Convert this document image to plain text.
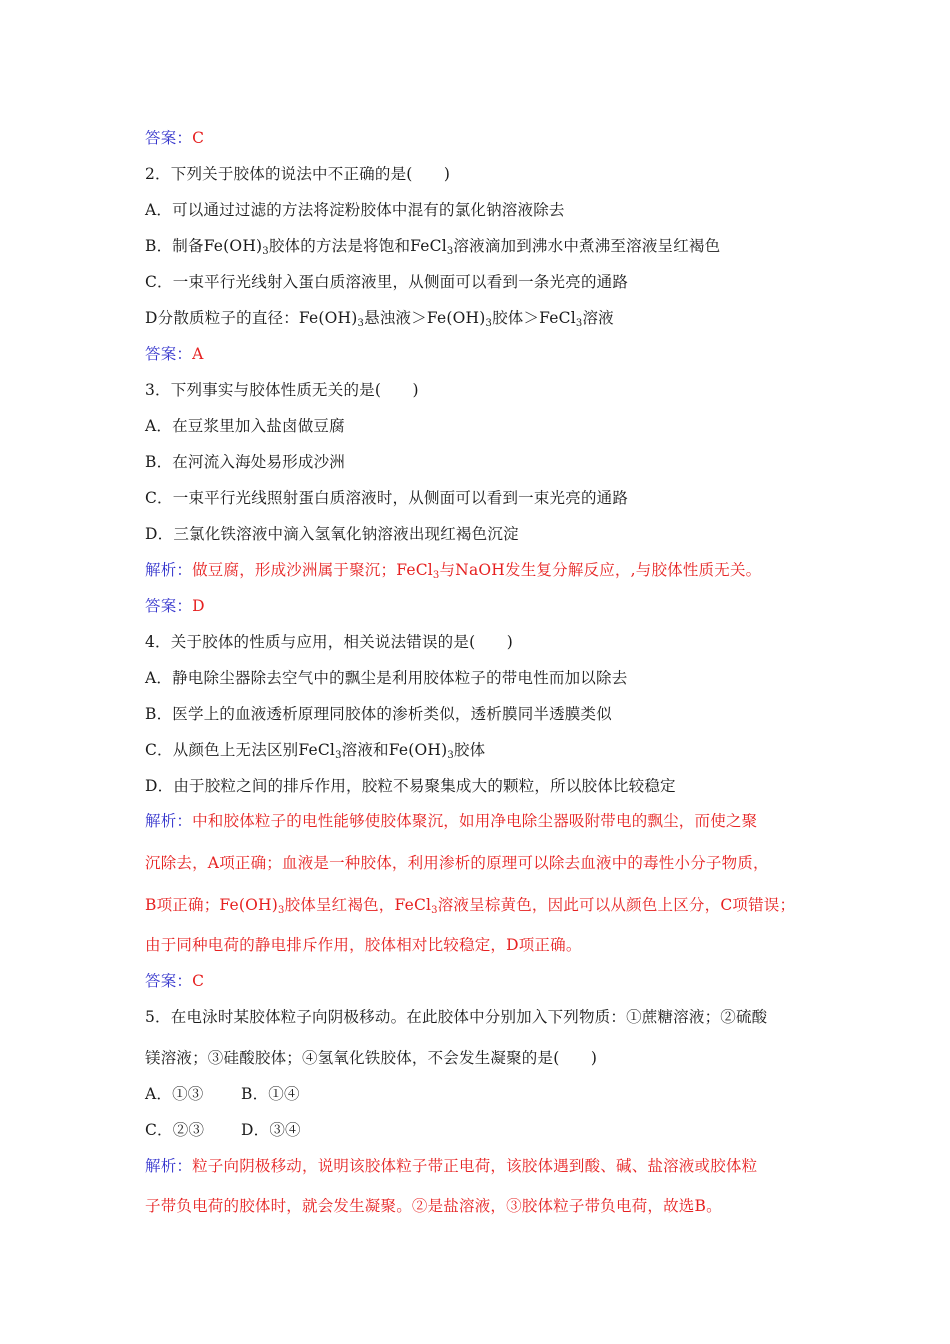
答案：C
2．下列关于胶体的说法中不正确的是(　　)
A．可以通过过滤的方法将淀粉胶体中混有的氯化钠溶液除去
B．制备$Fe(OH)_3$胶体的方法是将饱和FeCl$_3$溶液滴加到沸水中煮沸至溶液呈红褐色
C．一束平行光线射入蛋白质溶液里，从侧面可以看到一条光亮的通路
D分散质粒子的直径：$Fe(OH)_3$悬浊液$>Fe(OH)_3$胶体＞FeCl$_3$溶液
答案：A
3．下列事实与胶体性质无关的是(　　)
A．在豆浆里加入盐卤做豆腐
B．在河流入海处易形成沙洲
C．一束平行光线照射蛋白质溶液时，从侧面可以看到一束光亮的通路
D．三氯化铁溶液中滴入氢氧化钠溶液出现红褐色沉淀
解析：做豆腐，形成沙洲属于聚沉；FeCl$_3$与NaOH发生复分解反应，,与胶体性质无关。
答案：D
4．关于胶体的性质与应用，相关说法错误的是(　　)
A．静电除尘器除去空气中的飘尘是利用胶体粒子的带电性而加以除去
B．医学上的血液透析原理同胶体的渗析类似，透析膜同半透膜类似
C．从颜色上无法区别FeCl$_3$溶液和$Fe(OH)_3$胶体
D．由于胶粒之间的排斥作用，胶粒不易聚集成大的颗粒，所以胶体比较稳定
解析：中和胶体粒子的电性能够使胶体聚沉，如用净电除尘器吸附带电的飘尘，而使之聚
沉除去，A项正确；血液是一种胶体，利用渗析的原理可以除去血液中的毒性小分子物质，
B项正确；$Fe(OH)_3$胶体呈红褐色，FeCl$_3$溶液呈棕黄色，因此可以从颜色上区分，C项错误；
由于同种电荷的静电排斥作用，胶体相对比较稳定，D项正确。
答案：C
5．在电泳时某胶体粒子向阴极移动。在此胶体中分别加入下列物质：①蔗糖溶液；②硫酸
镁溶液；③硅酸胶体；④氢氧化铁胶体，不会发生凝聚的是(　　)
A．①③ B．①④
C．②③ D．③④
解析：粒子向阴极移动，说明该胶体粒子带正电荷，该胶体遇到酸、碱、盐溶液或胶体粒
子带负电荷的胶体时，就会发生凝聚。②是盐溶液，③胶体粒子带负电荷，故选B。
